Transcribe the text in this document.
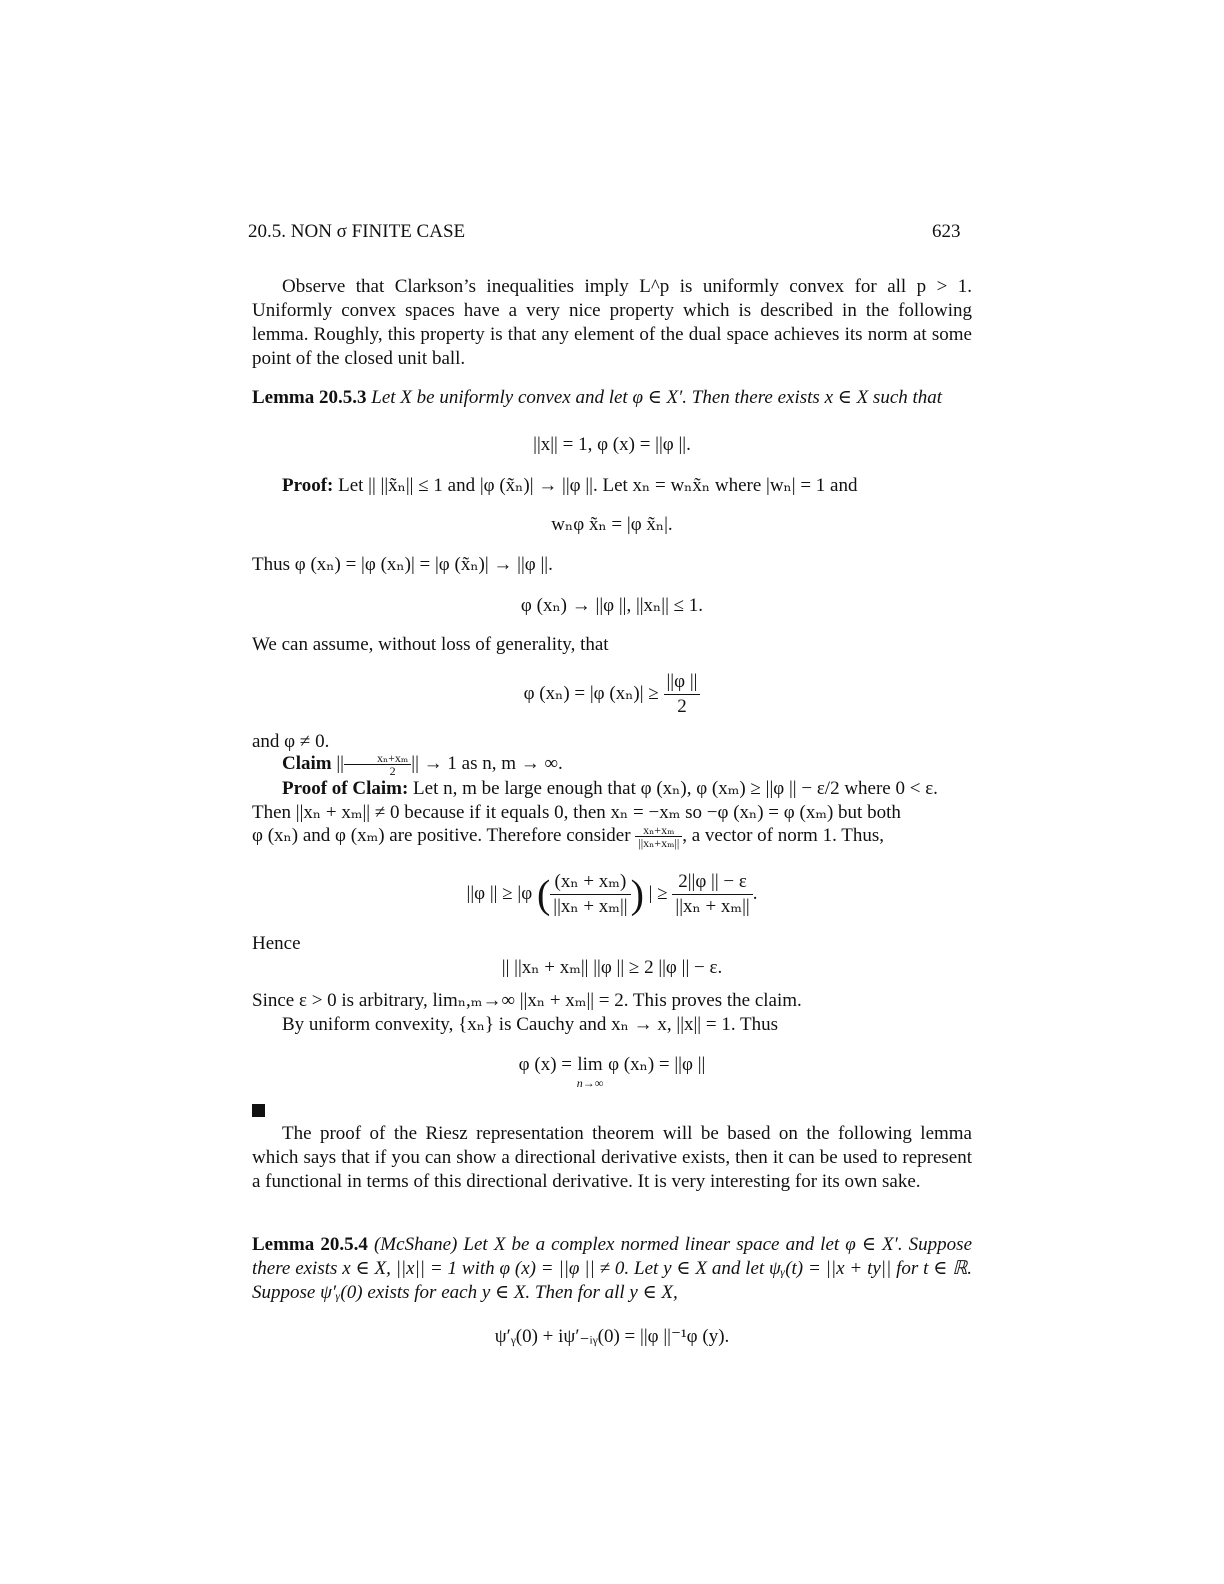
20.5. NON σ FINITE CASE	623
Observe that Clarkson’s inequalities imply L^p is uniformly convex for all p > 1. Uniformly convex spaces have a very nice property which is described in the following lemma. Roughly, this property is that any element of the dual space achieves its norm at some point of the closed unit ball.
Lemma 20.5.3 Let X be uniformly convex and let φ ∈ X′. Then there exists x ∈ X such that
||x|| = 1, φ (x) = ||φ ||.
Proof: Let || ||x̃ₙ|| ≤ 1 and |φ (x̃ₙ)| → ||φ ||. Let xₙ = wₙx̃ₙ where |wₙ| = 1 and
wₙφ x̃ₙ = |φ x̃ₙ|.
Thus φ (xₙ) = |φ (xₙ)| = |φ (x̃ₙ)| → ||φ ||.
φ (xₙ) → ||φ ||, ||xₙ|| ≤ 1.
We can assume, without loss of generality, that
φ (xₙ) = |φ $(x_n)| \ge \frac{||\varphi ||}{2}$
and φ ≠ 0.
Claim || $\frac{\text{xₙ+xₘ}}{2}$ || → 1 as n, m → ∞.
Proof of Claim: Let n, m be large enough that φ (xₙ), φ (xₘ) ≥ ||φ || − ε/2 where 0 < ε.
Then ||xₙ + xₘ|| ≠ 0 because if it equals 0, then xₙ = −xₘ so −φ (xₙ) = φ (xₘ) but both
φ (xₙ) and φ (xₘ) are positive. Therefore consider $\frac{\text{xₙ+xₘ}}{\text{||xₙ+xₘ||}}$ , a vector of norm 1. Thus,
||φ || ≥ |φ ( $\frac{\text{(xₙ + xₘ)}}{\text{||xₙ + xₘ||}}$ ) | ≥ $\frac{2||\varphi || - \varepsilon}{\text{||xₙ + xₘ||}}$ .
Hence
|| ||xₙ + xₘ|| ||φ || ≥ 2 ||φ || − ε.
Since ε > 0 is arbitrary, limₙ,ₘ→∞ ||xₙ + xₘ|| = 2. This proves the claim.
By uniform convexity, {xₙ} is Cauchy and xₙ → x, ||x|| = 1. Thus
φ (x) = lim
n→∞
φ (xₙ) = ||φ ||
The proof of the Riesz representation theorem will be based on the following lemma which says that if you can show a directional derivative exists, then it can be used to represent a functional in terms of this directional derivative. It is very interesting for its own sake.
Lemma 20.5.4 (McShane) Let X be a complex normed linear space and let φ ∈ X′. Suppose there exists x ∈ X, ||x|| = 1 with φ (x) = ||φ || ≠ 0. Let y ∈ X and let ψᵧ(t) = ||x + ty|| for t ∈ ℝ. Suppose ψ′ᵧ(0) exists for each y ∈ X. Then for all y ∈ X,
ψ′ᵧ(0) + iψ′₋ᵢᵧ(0) = ||φ ||⁻¹φ (y).
